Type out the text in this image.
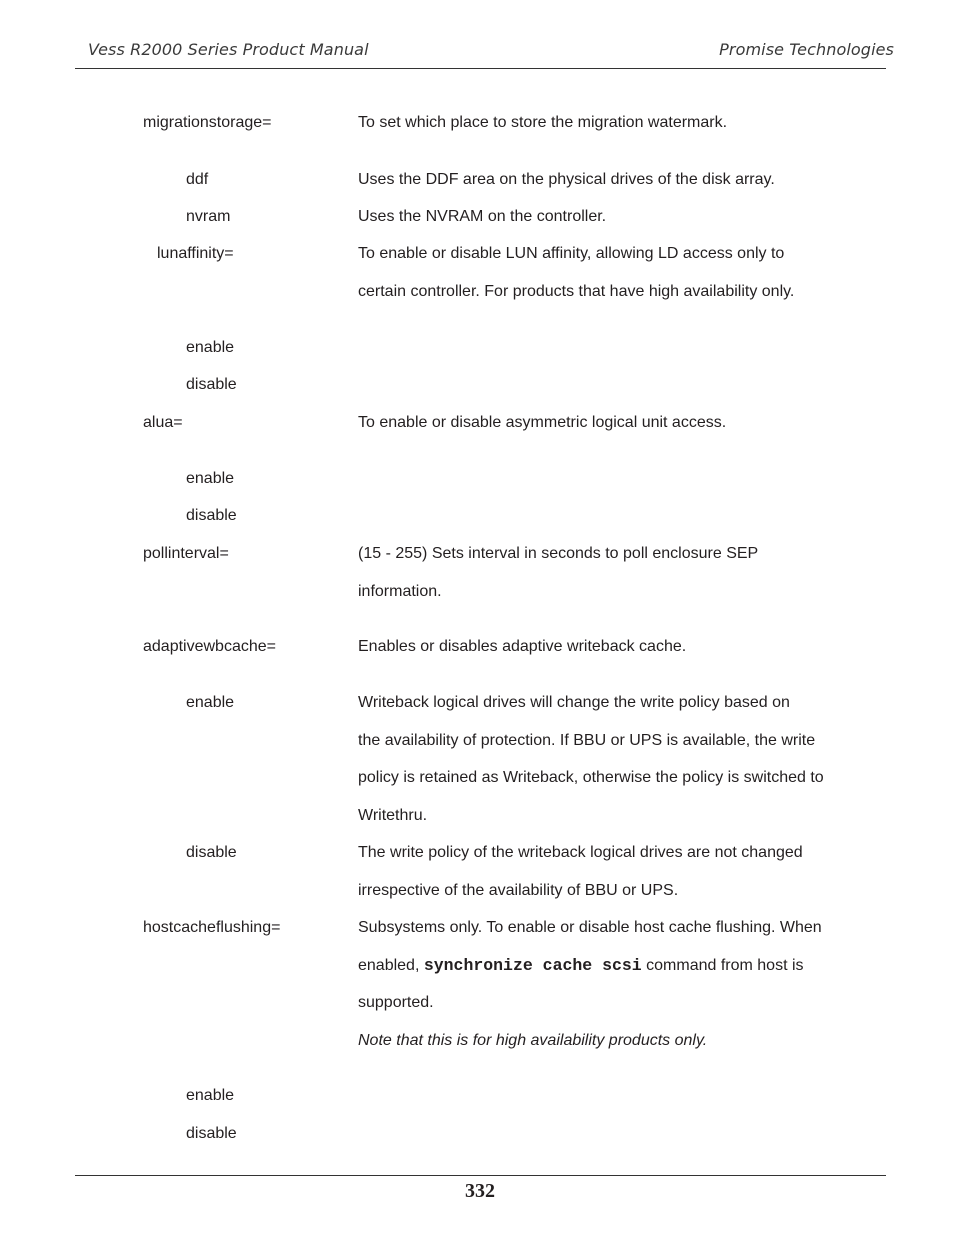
Vess R2000 Series Product Manual	Promise Technologies
migrationstorage=	To set which place to store the migration watermark.
ddf	Uses the DDF area on the physical drives of the disk array.
nvram	Uses the NVRAM on the controller.
lunaffinity=	To enable or disable LUN affinity, allowing LD access only to
certain controller. For products that have high availability only.
enable
disable
alua=	To enable or disable asymmetric logical unit access.
enable
disable
pollinterval=	(15 - 255) Sets interval in seconds to poll enclosure SEP
information.
adaptivewbcache=	Enables or disables adaptive writeback cache.
enable	Writeback logical drives will change the write policy based on
the availability of protection. If BBU or UPS is available, the write
policy is retained as Writeback, otherwise the policy is switched to
Writethru.
disable	The write policy of the writeback logical drives are not changed
irrespective of the availability of BBU or UPS.
hostcacheflushing=	Subsystems only. To enable or disable host cache flushing. When
enabled, synchronize cache scsi command from host is
supported.
Note that this is for high availability products only.
enable
disable
332
